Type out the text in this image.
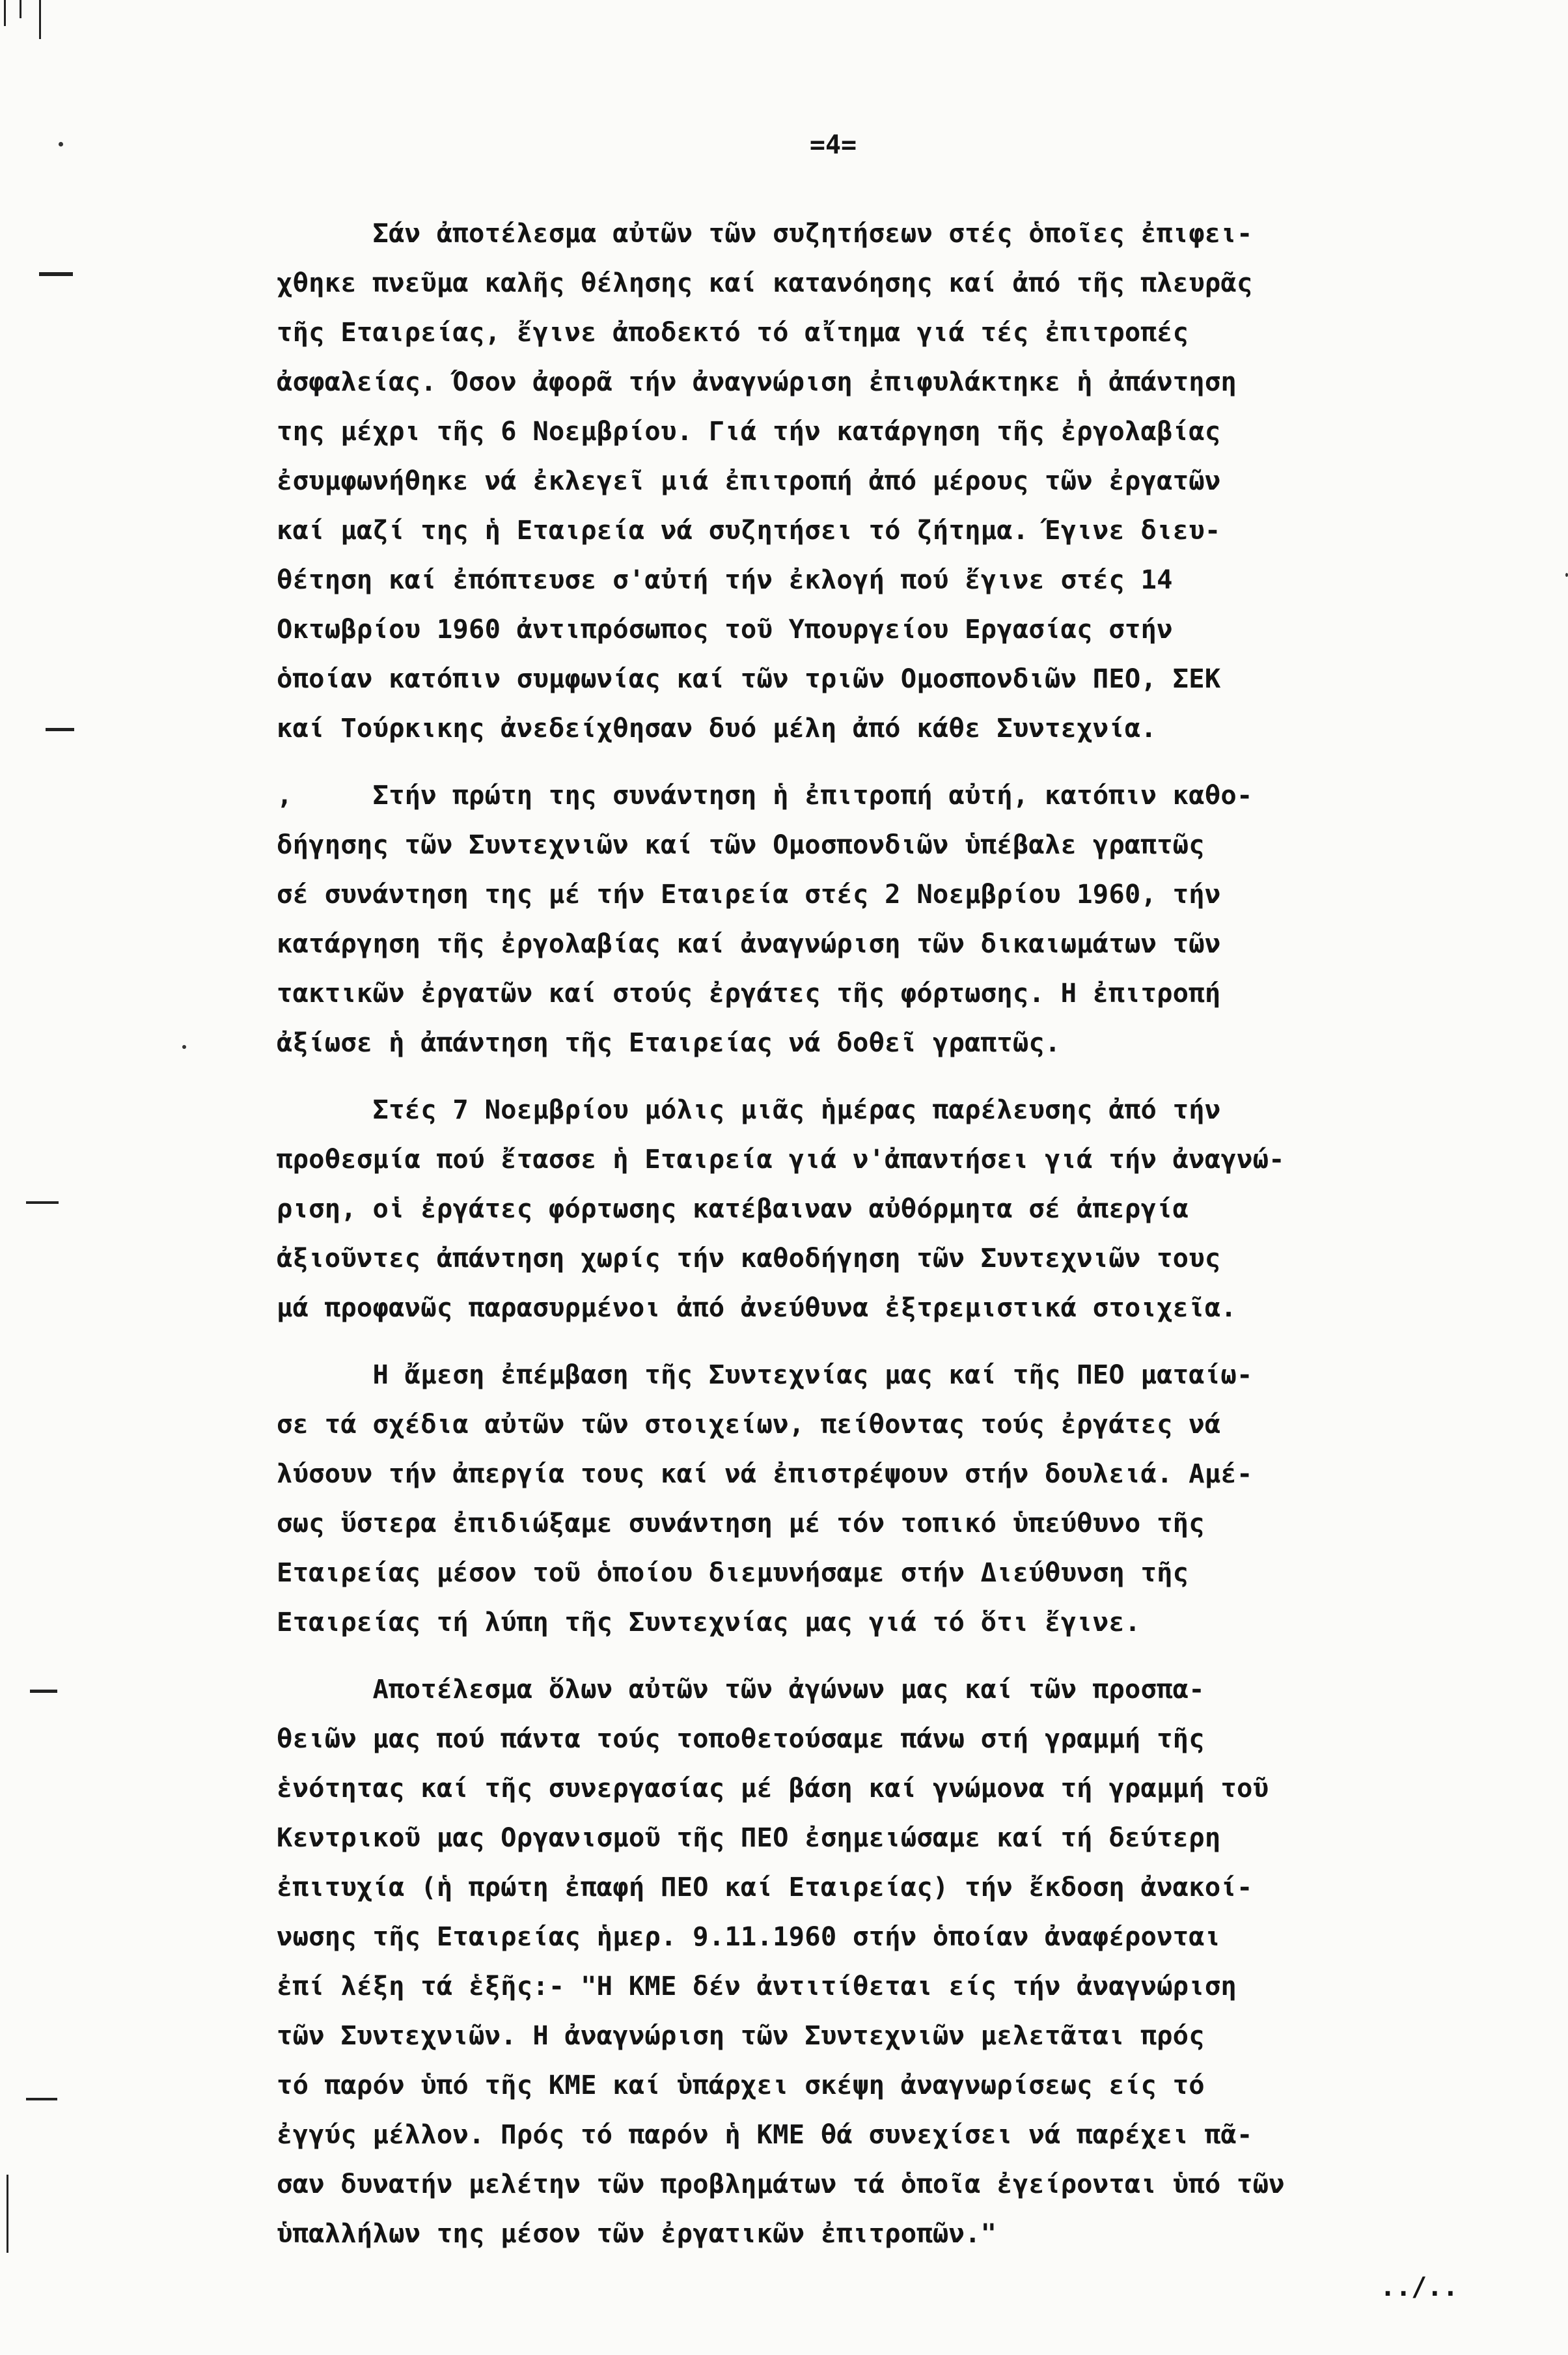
=4=
Σάν ἀποτέλεσμα αὐτῶν τῶν συζητήσεων στές ὁποῖες ἐπιφει-
χθηκε πνεῦμα καλῆς θέλησης καί κατανόησης καί ἀπό τῆς πλευρᾶς
τῆς Εταιρείας, ἔγινε ἀποδεκτό τό αἴτημα γιά τές ἐπιτροπές
ἀσφαλείας. Όσον ἀφορᾶ τήν ἀναγνώριση ἐπιφυλάκτηκε ἡ ἀπάντηση
της μέχρι τῆς 6 Νοεμβρίου. Γιά τήν κατάργηση τῆς ἐργολαβίας
ἐσυμφωνήθηκε νά ἐκλεγεῖ μιά ἐπιτροπή ἀπό μέρους τῶν ἐργατῶν
καί μαζί της ἡ Εταιρεία νά συζητήσει τό ζήτημα. Έγινε διευ-
θέτηση καί ἐπόπτευσε σ'αὐτή τήν ἐκλογή πού ἔγινε στές 14
Οκτωβρίου 1960 ἀντιπρόσωπος τοῦ Υπουργείου Εργασίας στήν
ὁποίαν κατόπιν συμφωνίας καί τῶν τριῶν Ομοσπονδιῶν ΠΕΟ, ΣΕΚ
καί Τούρκικης ἀνεδείχθησαν δυό μέλη ἀπό κάθε Συντεχνία.
,     Στήν πρώτη της συνάντηση ἡ ἐπιτροπή αὐτή, κατόπιν καθο-
δήγησης τῶν Συντεχνιῶν καί τῶν Ομοσπονδιῶν ὑπέβαλε γραπτῶς
σέ συνάντηση της μέ τήν Εταιρεία στές 2 Νοεμβρίου 1960, τήν
κατάργηση τῆς ἐργολαβίας καί ἀναγνώριση τῶν δικαιωμάτων τῶν
τακτικῶν ἐργατῶν καί στούς ἐργάτες τῆς φόρτωσης. Η ἐπιτροπή
ἀξίωσε ἡ ἀπάντηση τῆς Εταιρείας νά δοθεῖ γραπτῶς.
Στές 7 Νοεμβρίου μόλις μιᾶς ἡμέρας παρέλευσης ἀπό τήν
προθεσμία πού ἔτασσε ἡ Εταιρεία γιά ν'ἀπαντήσει γιά τήν ἀναγνώ-
ριση, οἱ ἐργάτες φόρτωσης κατέβαιναν αὐθόρμητα σέ ἀπεργία
ἀξιοῦντες ἀπάντηση χωρίς τήν καθοδήγηση τῶν Συντεχνιῶν τους
μά προφανῶς παρασυρμένοι ἀπό ἀνεύθυνα ἐξτρεμιστικά στοιχεῖα.
Η ἄμεση ἐπέμβαση τῆς Συντεχνίας μας καί τῆς ΠΕΟ ματαίω-
σε τά σχέδια αὐτῶν τῶν στοιχείων, πείθοντας τούς ἐργάτες νά
λύσουν τήν ἀπεργία τους καί νά ἐπιστρέψουν στήν δουλειά. Αμέ-
σως ὕστερα ἐπιδιώξαμε συνάντηση μέ τόν τοπικό ὑπεύθυνο τῆς
Εταιρείας μέσον τοῦ ὁποίου διεμυνήσαμε στήν Διεύθυνση τῆς
Εταιρείας τή λύπη τῆς Συντεχνίας μας γιά τό ὅτι ἔγινε.
Αποτέλεσμα ὅλων αὐτῶν τῶν ἀγώνων μας καί τῶν προσπα-
θειῶν μας πού πάντα τούς τοποθετούσαμε πάνω στή γραμμή τῆς
ἑνότητας καί τῆς συνεργασίας μέ βάση καί γνώμονα τή γραμμή τοῦ
Κεντρικοῦ μας Οργανισμοῦ τῆς ΠΕΟ ἐσημειώσαμε καί τή δεύτερη
ἐπιτυχία (ἡ πρώτη ἐπαφή ΠΕΟ καί Εταιρείας) τήν ἔκδοση ἀνακοί-
νωσης τῆς Εταιρείας ἡμερ. 9.11.1960 στήν ὁποίαν ἀναφέρονται
ἐπί λέξη τά ἑξῆς:- "Η ΚΜΕ δέν ἀντιτίθεται είς τήν ἀναγνώριση
τῶν Συντεχνιῶν. Η ἀναγνώριση τῶν Συντεχνιῶν μελετᾶται πρός
τό παρόν ὑπό τῆς ΚΜΕ καί ὑπάρχει σκέψη ἀναγνωρίσεως είς τό
ἐγγύς μέλλον. Πρός τό παρόν ἡ ΚΜΕ θά συνεχίσει νά παρέχει πᾶ-
σαν δυνατήν μελέτην τῶν προβλημάτων τά ὁποῖα ἐγείρονται ὑπό τῶν
ὑπαλλήλων της μέσον τῶν ἐργατικῶν ἐπιτροπῶν."
../..
